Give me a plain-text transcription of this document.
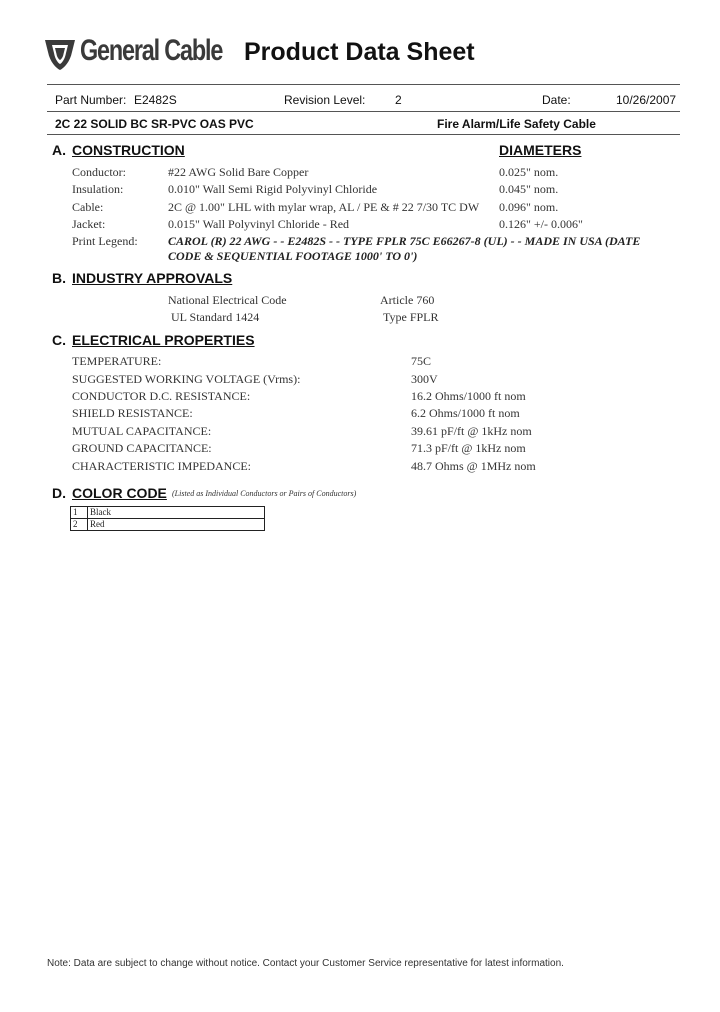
General Cable Product Data Sheet
Part Number: E2482S	Revision Level: 2	Date:	10/26/2007
2C 22 SOLID BC SR-PVC OAS PVC	Fire Alarm/Life Safety Cable
A. CONSTRUCTION	DIAMETERS
Conductor:	#22 AWG Solid Bare Copper	0.025" nom.
Insulation:	0.010" Wall Semi Rigid Polyvinyl Chloride	0.045" nom.
Cable:	2C @ 1.00" LHL with mylar wrap, AL / PE & # 22 7/30 TC DW 0.096" nom.
Jacket:	0.015" Wall Polyvinyl Chloride - Red	0.126" +/- 0.006"
Print Legend:	CAROL (R) 22 AWG - - E2482S - - TYPE FPLR 75C E66267-8 (UL) - - MADE IN USA (DATE CODE & SEQUENTIAL FOOTAGE 1000' TO 0')
B. INDUSTRY APPROVALS
National Electrical Code	Article 760
UL Standard 1424	Type FPLR
C. ELECTRICAL PROPERTIES
TEMPERATURE:	75C
SUGGESTED WORKING VOLTAGE (Vrms):	300V
CONDUCTOR D.C. RESISTANCE:	16.2 Ohms/1000 ft nom
SHIELD RESISTANCE:	6.2 Ohms/1000 ft nom
MUTUAL CAPACITANCE:	39.61 pF/ft @ 1kHz nom
GROUND CAPACITANCE:	71.3 pF/ft @ 1kHz nom
CHARACTERISTIC IMPEDANCE:	48.7 Ohms @ 1MHz nom
D. COLOR CODE (Listed as Individual Conductors or Pairs of Conductors)
1	Black
2	Red
Note: Data are subject to change without notice. Contact your Customer Service representative for latest information.
